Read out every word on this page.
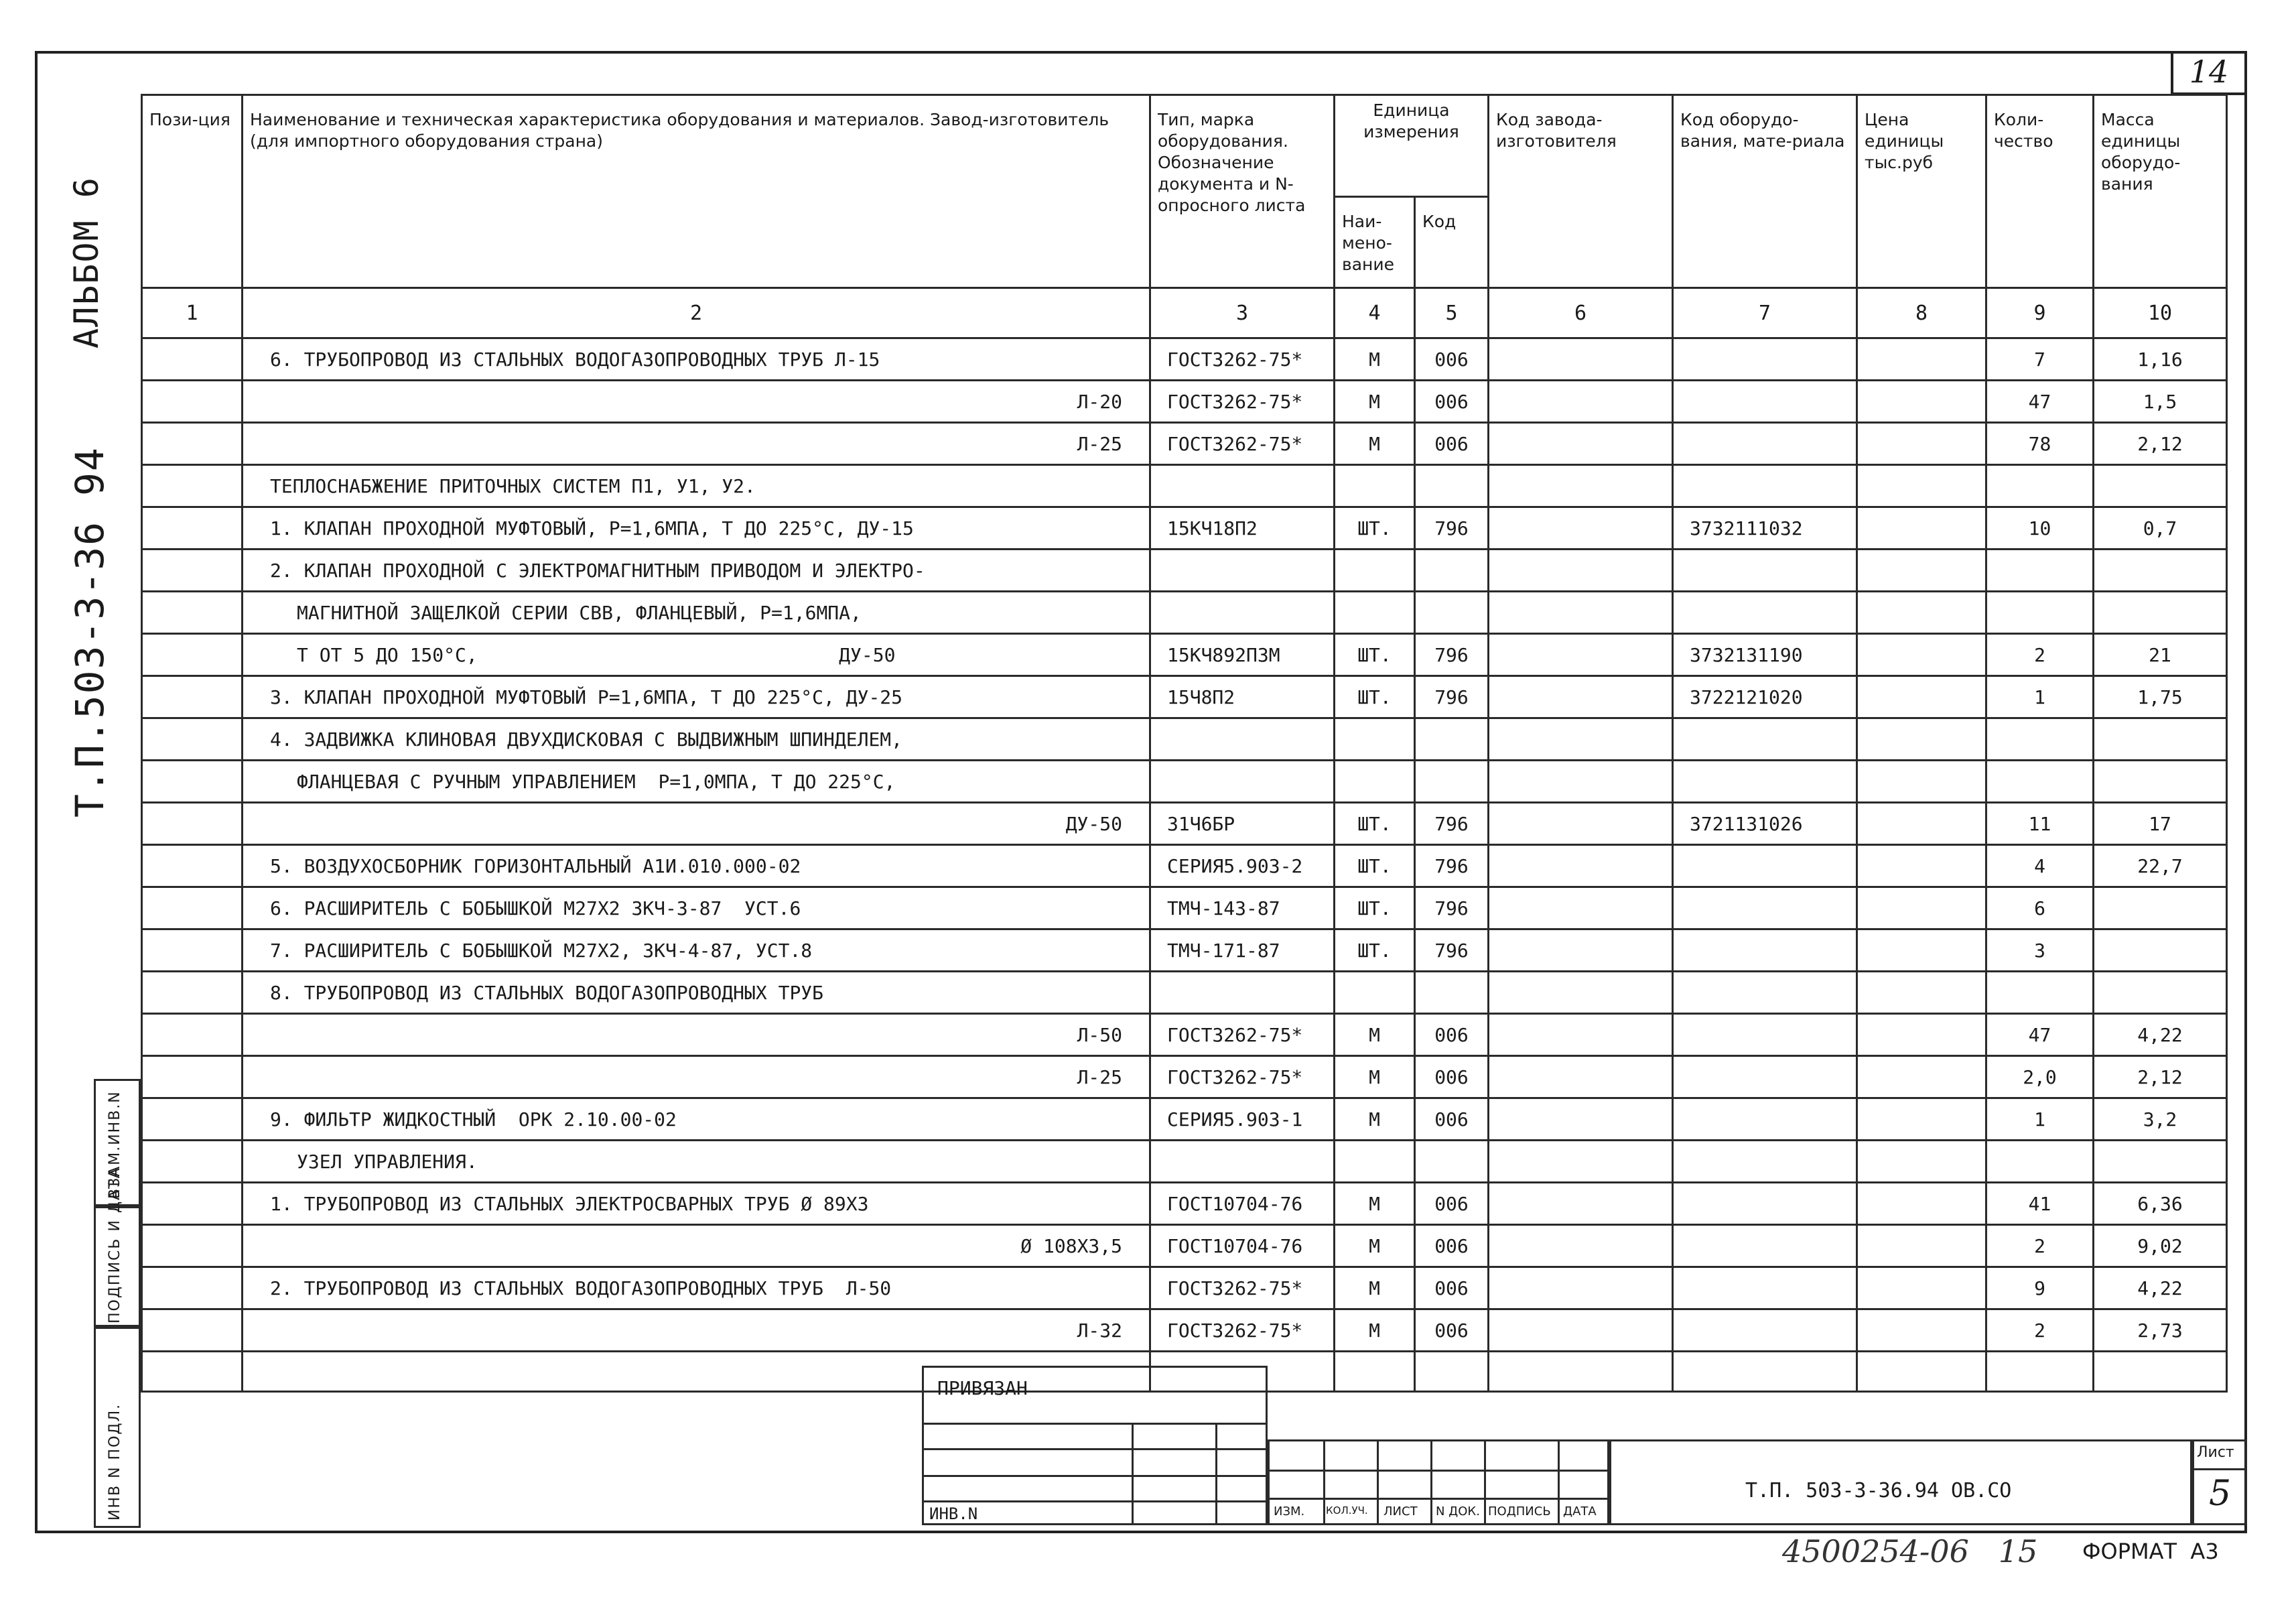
14
АЛЬБОМ 6
Т.П.503-3-36 94
ИНВ N ПОДЛ.
ПОДПИСЬ И ДАТА
ВЗАМ.ИНВ.N
Пози-ция	Наименование и техническая характеристика оборудования и материалов. Завод-изготовитель (для импортного оборудования страна)	Тип, марка оборудования. Обозначение документа и N-опросного листа	Единица измерения		Код завода-изготовителя	Код оборудо-вания, мате-риала	Цена единицы тыс.руб	Коли-чество	Масса единицы оборудо-вания
			Наи-мено-вание	Код					
1	2	3	4	5	6	7	8	9	10
	6. ТРУБОПРОВОД ИЗ СТАЛЬНЫХ ВОДОГАЗОПРОВОДНЫХ ТРУБ Л-15	ГОСТ3262-75*	М	006				7	1,16
	Л-20	ГОСТ3262-75*	М	006				47	1,5
	Л-25	ГОСТ3262-75*	М	006				78	2,12
	ТЕПЛОСНАБЖЕНИЕ ПРИТОЧНЫХ СИСТЕМ П1, У1, У2.								
	1. КЛАПАН ПРОХОДНОЙ МУФТОВЫЙ, Р=1,6МПА, Т ДО 225°С, ДУ-15	15КЧ18П2	ШТ.	796		3732111032		10	0,7
	2. КЛАПАН ПРОХОДНОЙ С ЭЛЕКТРОМАГНИТНЫМ ПРИВОДОМ И ЭЛЕКТРО-								
	МАГНИТНОЙ ЗАЩЕЛКОЙ СЕРИИ СВВ, ФЛАНЦЕВЫЙ, Р=1,6МПА,								
	Т ОТ 5 ДО 150°С,                                ДУ-50	15КЧ892П3М	ШТ.	796		3732131190		2	21
	3. КЛАПАН ПРОХОДНОЙ МУФТОВЫЙ Р=1,6МПА, Т ДО 225°С, ДУ-25	15Ч8П2	ШТ.	796		3722121020		1	1,75
	4. ЗАДВИЖКА КЛИНОВАЯ ДВУХДИСКОВАЯ С ВЫДВИЖНЫМ ШПИНДЕЛЕМ,								
	ФЛАНЦЕВАЯ С РУЧНЫМ УПРАВЛЕНИЕМ  Р=1,0МПА, Т ДО 225°С,								
	ДУ-50	31Ч6БР	ШТ.	796		3721131026		11	17
	5. ВОЗДУХОСБОРНИК ГОРИЗОНТАЛЬНЫЙ А1И.010.000-02	СЕРИЯ5.903-2	ШТ.	796				4	22,7
	6. РАСШИРИТЕЛЬ С БОБЫШКОЙ М27Х2 ЗКЧ-3-87  УСТ.6	ТМЧ-143-87	ШТ.	796				6	
	7. РАСШИРИТЕЛЬ С БОБЫШКОЙ М27Х2, ЗКЧ-4-87, УСТ.8	ТМЧ-171-87	ШТ.	796				3	
	8. ТРУБОПРОВОД ИЗ СТАЛЬНЫХ ВОДОГАЗОПРОВОДНЫХ ТРУБ								
	Л-50	ГОСТ3262-75*	М	006				47	4,22
	Л-25	ГОСТ3262-75*	М	006				2,0	2,12
	9. ФИЛЬТР ЖИДКОСТНЫЙ  ОРК 2.10.00-02	СЕРИЯ5.903-1	М	006				1	3,2
	УЗЕЛ УПРАВЛЕНИЯ.								
	1. ТРУБОПРОВОД ИЗ СТАЛЬНЫХ ЭЛЕКТРОСВАРНЫХ ТРУБ Ø 89Х3	ГОСТ10704-76	М	006				41	6,36
	Ø 108Х3,5	ГОСТ10704-76	М	006				2	9,02
	2. ТРУБОПРОВОД ИЗ СТАЛЬНЫХ ВОДОГАЗОПРОВОДНЫХ ТРУБ  Л-50	ГОСТ3262-75*	М	006				9	4,22
	Л-32	ГОСТ3262-75*	М	006				2	2,73

ПРИВЯЗАН
ИНВ.N	ИЗМ. КОЛ.УЧ. ЛИСТ N ДОК. ПОДПИСЬ ДАТА
Т.П. 503-3-36.94 ОВ.СО
Лист
5
4500254-06   15 ФОРМАТ  А3
